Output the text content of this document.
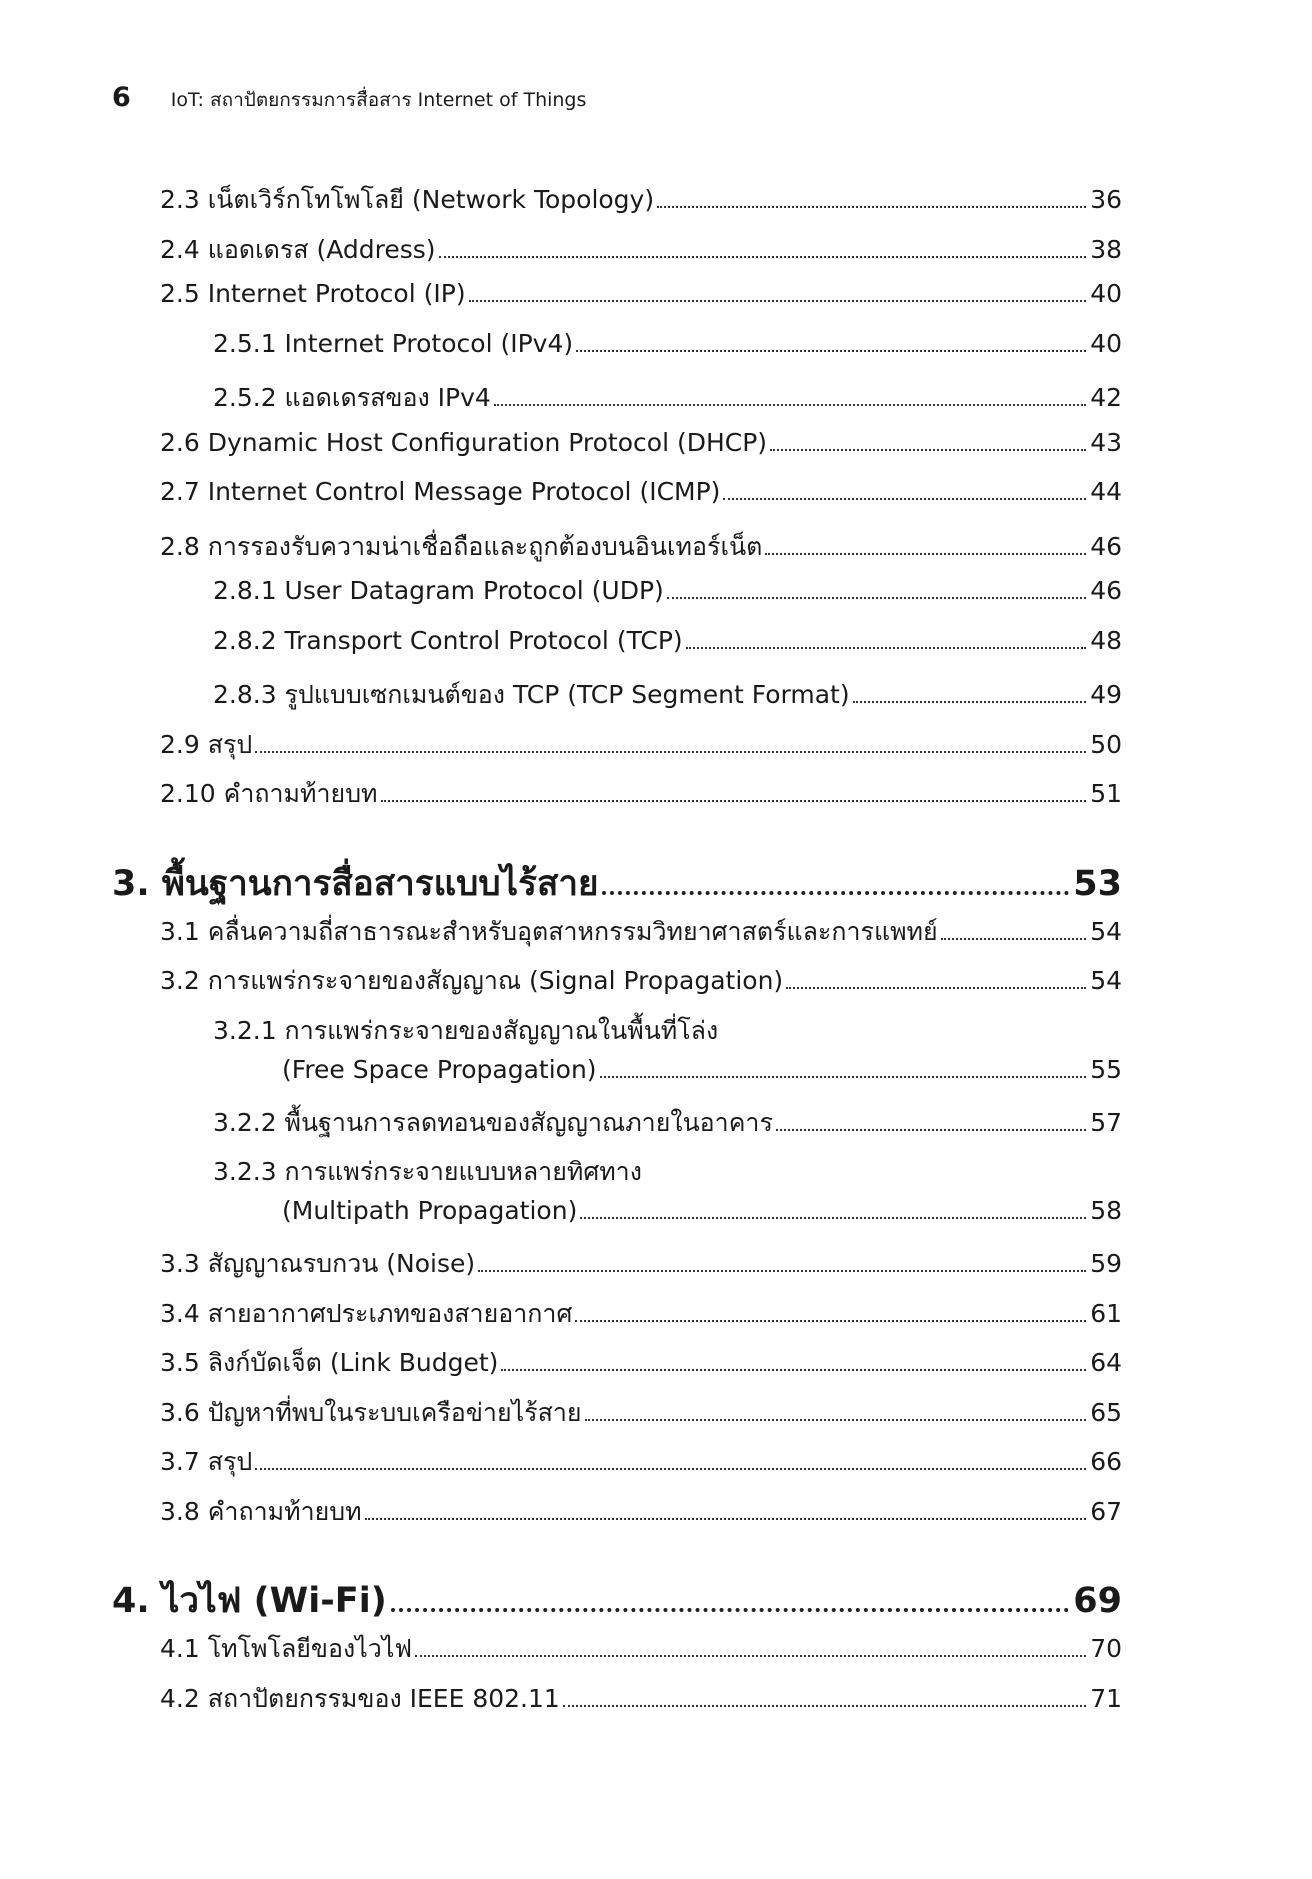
6 IoT: สถาปัตยกรรมการสื่อสาร Internet of Things
2.3 เน็ตเวิร์กโทโพโลยี (Network Topology)	36
2.4 แอดเดรส (Address)	38
2.5 Internet Protocol (IP)	40
2.5.1 Internet Protocol (IPv4)	40
2.5.2 แอดเดรสของ IPv4	42
2.6 Dynamic Host Configuration Protocol (DHCP)	43
2.7 Internet Control Message Protocol (ICMP)	44
2.8 การรองรับความน่าเชื่อถือและถูกต้องบนอินเทอร์เน็ต	46
2.8.1 User Datagram Protocol (UDP)	46
2.8.2 Transport Control Protocol (TCP)	48
2.8.3 รูปแบบเซกเมนต์ของ TCP (TCP Segment Format)	49
2.9 สรุป	50
2.10 คำถามท้ายบท	51
3. พื้นฐานการสื่อสารแบบไร้สาย	53
3.1 คลื่นความถี่สาธารณะสำหรับอุตสาหกรรมวิทยาศาสตร์และการแพทย์	54
3.2 การแพร่กระจายของสัญญาณ (Signal Propagation)	54
3.2.1 การแพร่กระจายของสัญญาณในพื้นที่โล่ง
(Free Space Propagation)	55
3.2.2 พื้นฐานการลดทอนของสัญญาณภายในอาคาร	57
3.2.3 การแพร่กระจายแบบหลายทิศทาง
(Multipath Propagation)	58
3.3 สัญญาณรบกวน (Noise)	59
3.4 สายอากาศประเภทของสายอากาศ	61
3.5 ลิงก์บัดเจ็ต (Link Budget)	64
3.6 ปัญหาที่พบในระบบเครือข่ายไร้สาย	65
3.7 สรุป	66
3.8 คำถามท้ายบท	67
4. ไวไฟ (Wi-Fi)	69
4.1 โทโพโลยีของไวไฟ	70
4.2 สถาปัตยกรรมของ IEEE 802.11	71
